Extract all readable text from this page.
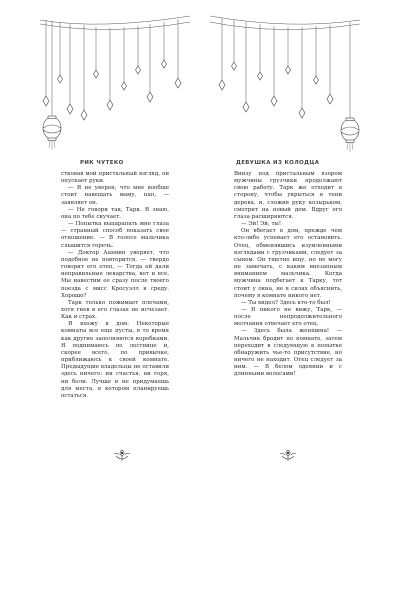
РИК ЧУТЕКО

стковав мой пристальный взгляд, он опускает руки.

— Я не уверен, что мне вообще стоит навещать маму, пап, — заявляет он.

— Не говори так, Тарк. Я знаю, она по тебе скучает.

— Попытка выцарапать мне глаза — странный способ показать свое отношение. — В голосе мальчика слышится горечь.

— Доктор Аахмин уверяет, что подобное не повторится, — твердо говорит его отец. — Тогда ей дали неправильные лекарства, вот и все. Мы навестим ее сразу после твоего поезда с мисс Кросуэлл в среду. Хорошо?

Тарк только пожимает плечами, хотя гнев в его глазах не исчезает. Как и страх.

Я вхожу в дом. Некоторые комнаты все еще пусты, в то время как другие заполняются коробками. Я поднимаюсь по лестнице и, скорее всего, по привычке, приближаюсь к своей комнате. Предыдущие владельцы не оставили здесь ничего: ни счастья, ни горя, ни боли. Лучше и не придумаешь для места, в котором планируешь остаться.

ДЕВУШКА ИЗ КОЛОДЦА

Внизу под пристальным взором мужчины грузчики продолжают свою работу. Тарк же отходит в сторону, чтобы укрыться в тени дерева, и, сложив руку козырьком, смотрит на новый дом. Вдруг его глаза расширяются.

— Эй! Эй, ты!

Он вбегает в дом, прежде чем кто-либо успевает его остановить. Отец, обменявшись изумленными взглядами с грузчиками, следует за сыном. Он тщетно ищу, но не могу не замечать, с каким внезапным вниманием мальчика. Когда мужчина подбегает к Тарку, тот стоит у окна, не в силах объяснить, почему в комнате никого нет.

— Ты видел? Здесь кто-то был!

— Я никого не вижу, Тарк, — после непродолжительного молчания отвечает его отец.

— Здесь была женщина! — Мальчик бродит по комнате, затем переходит в следующую в попытке обнаружить чье-то присутствие, но ничего не находит. Отец следует за ним. — В белом одеянии и с длинными волосами!
